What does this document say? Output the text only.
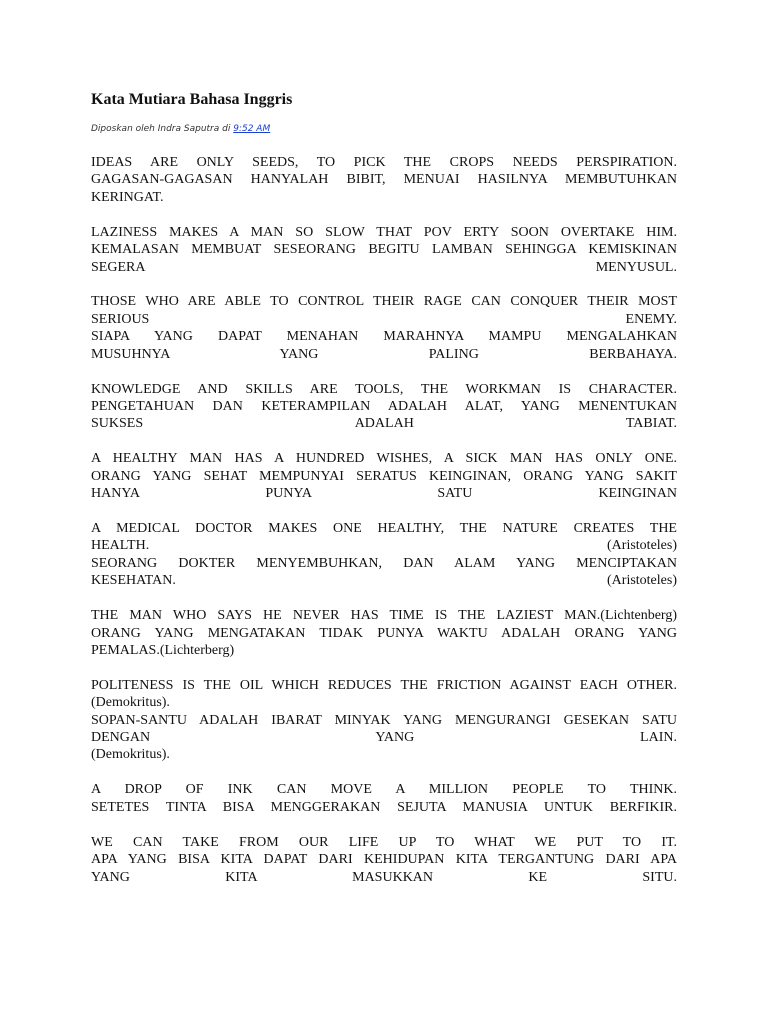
Kata Mutiara Bahasa Inggris
Diposkan oleh Indra Saputra di 9:52 AM

IDEAS ARE ONLY SEEDS, TO PICK THE CROPS NEEDS PERSPIRATION.
GAGASAN-GAGASAN HANYALAH BIBIT, MENUAI HASILNYA MEMBUTUHKAN
KERINGAT.

LAZINESS MAKES A MAN SO SLOW THAT POV ERTY SOON OVERTAKE HIM.
KEMALASAN MEMBUAT SESEORANG BEGITU LAMBAN SEHINGGA KEMISKINAN
SEGERA MENYUSUL.

THOSE WHO ARE ABLE TO CONTROL THEIR RAGE CAN CONQUER THEIR MOST
SERIOUS ENEMY.
SIAPA YANG DAPAT MENAHAN MARAHNYA MAMPU MENGALAHKAN
MUSUHNYA YANG PALING BERBAHAYA.

KNOWLEDGE AND SKILLS ARE TOOLS, THE WORKMAN IS CHARACTER.
PENGETAHUAN DAN KETERAMPILAN ADALAH ALAT, YANG MENENTUKAN
SUKSES ADALAH TABIAT.

A HEALTHY MAN HAS A HUNDRED WISHES, A SICK MAN HAS ONLY ONE.
ORANG YANG SEHAT MEMPUNYAI SERATUS KEINGINAN, ORANG YANG SAKIT
HANYA PUNYA SATU KEINGINAN

A MEDICAL DOCTOR MAKES ONE HEALTHY, THE NATURE CREATES THE
HEALTH. (Aristoteles)
SEORANG DOKTER MENYEMBUHKAN, DAN ALAM YANG MENCIPTAKAN
KESEHATAN. (Aristoteles)

THE MAN WHO SAYS HE NEVER HAS TIME IS THE LAZIEST MAN.(Lichtenberg)
ORANG YANG MENGATAKAN TIDAK PUNYA WAKTU ADALAH ORANG YANG
PEMALAS.(Lichterberg)

POLITENESS IS THE OIL WHICH REDUCES THE FRICTION AGAINST EACH OTHER.
(Demokritus).
SOPAN-SANTU ADALAH IBARAT MINYAK YANG MENGURANGI GESEKAN SATU
DENGAN YANG LAIN.
(Demokritus).

A DROP OF INK CAN MOVE A MILLION PEOPLE TO THINK.
SETETES TINTA BISA MENGGERAKAN SEJUTA MANUSIA UNTUK BERFIKIR.

WE CAN TAKE FROM OUR LIFE UP TO WHAT WE PUT TO IT.
APA YANG BISA KITA DAPAT DARI KEHIDUPAN KITA TERGANTUNG DARI APA
YANG KITA MASUKKAN KE SITU.
